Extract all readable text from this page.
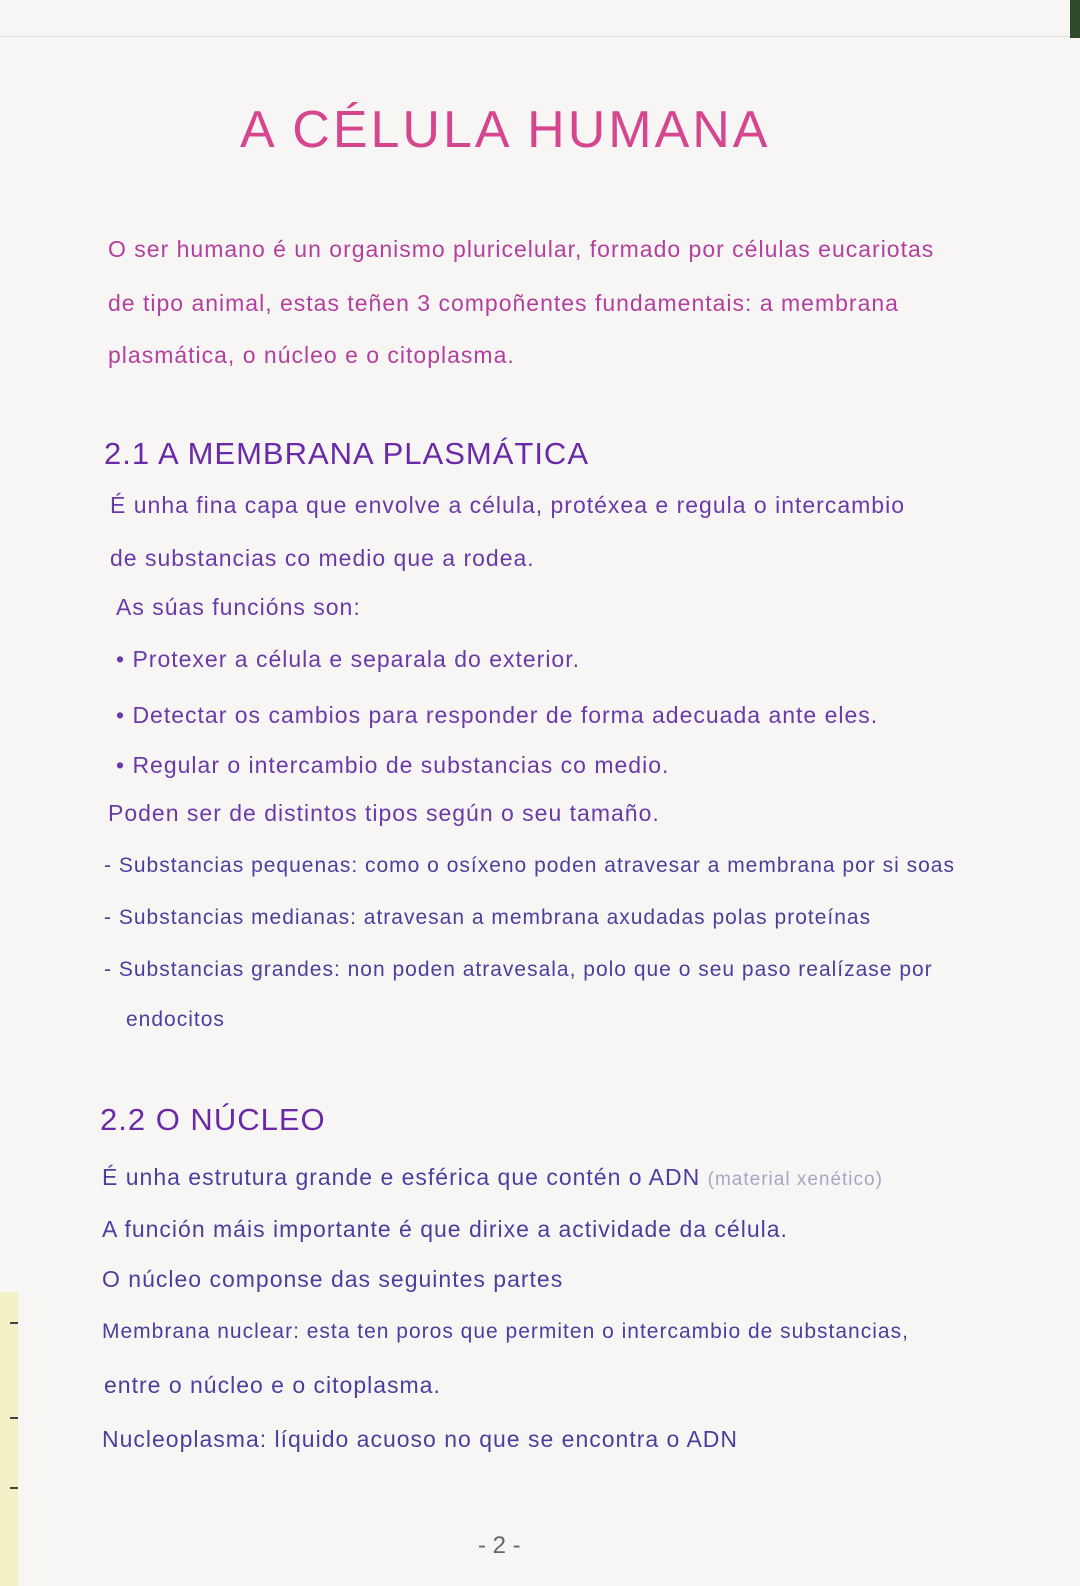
A CÉLULA HUMANA
O ser humano é un organismo pluricelular, formado por células eucariotas
de tipo animal, estas teñen 3 compoñentes fundamentais: a membrana
plasmática, o núcleo e o citoplasma.
2.1 A MEMBRANA PLASMÁTICA
É unha fina capa que envolve a célula, protéxea e regula o intercambio
de substancias co medio que a rodea.
As súas funcións son:
• Protexer a célula e separala do exterior.
• Detectar os cambios para responder de forma adecuada ante eles.
• Regular o intercambio de substancias co medio.
Poden ser de distintos tipos según o seu tamaño.
- Substancias pequenas: como o osíxeno poden atravesar a membrana por si soas
- Substancias medianas: atravesan a membrana axudadas polas proteínas
- Substancias grandes: non poden atravesala, polo que o seu paso realízase por
endocitos
2.2 O NÚCLEO
É unha estrutura grande e esférica que contén o ADN (material xenético)
A función máis importante é que dirixe a actividade da célula.
O núcleo componse das seguintes partes
Membrana nuclear: esta ten poros que permiten o intercambio de substancias,
entre o núcleo e o citoplasma.
Nucleoplasma: líquido acuoso no que se encontra o ADN
- 2 -
